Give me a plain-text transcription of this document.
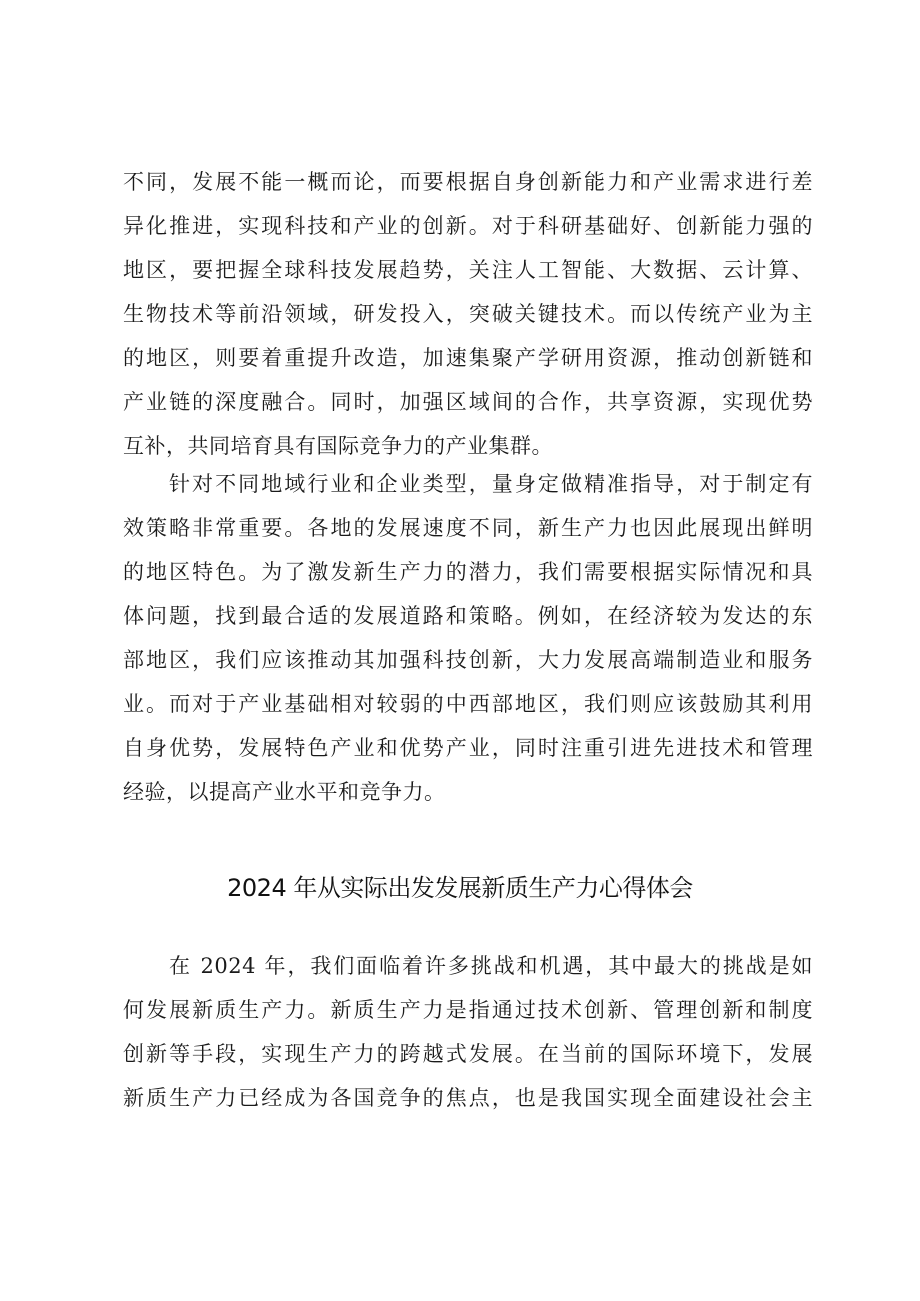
不同，发展不能一概而论，而要根据自身创新能力和产业需求进行差
异化推进，实现科技和产业的创新。对于科研基础好、创新能力强的
地区，要把握全球科技发展趋势，关注人工智能、大数据、云计算、
生物技术等前沿领域，研发投入，突破关键技术。而以传统产业为主
的地区，则要着重提升改造，加速集聚产学研用资源，推动创新链和
产业链的深度融合。同时，加强区域间的合作，共享资源，实现优势
互补，共同培育具有国际竞争力的产业集群。
针对不同地域行业和企业类型，量身定做精准指导，对于制定有
效策略非常重要。各地的发展速度不同，新生产力也因此展现出鲜明
的地区特色。为了激发新生产力的潜力，我们需要根据实际情况和具
体问题，找到最合适的发展道路和策略。例如，在经济较为发达的东
部地区，我们应该推动其加强科技创新，大力发展高端制造业和服务
业。而对于产业基础相对较弱的中西部地区，我们则应该鼓励其利用
自身优势，发展特色产业和优势产业，同时注重引进先进技术和管理
经验，以提高产业水平和竞争力。
2024 年从实际出发发展新质生产力心得体会
在 2024 年，我们面临着许多挑战和机遇，其中最大的挑战是如
何发展新质生产力。新质生产力是指通过技术创新、管理创新和制度
创新等手段，实现生产力的跨越式发展。在当前的国际环境下，发展
新质生产力已经成为各国竞争的焦点，也是我国实现全面建设社会主
